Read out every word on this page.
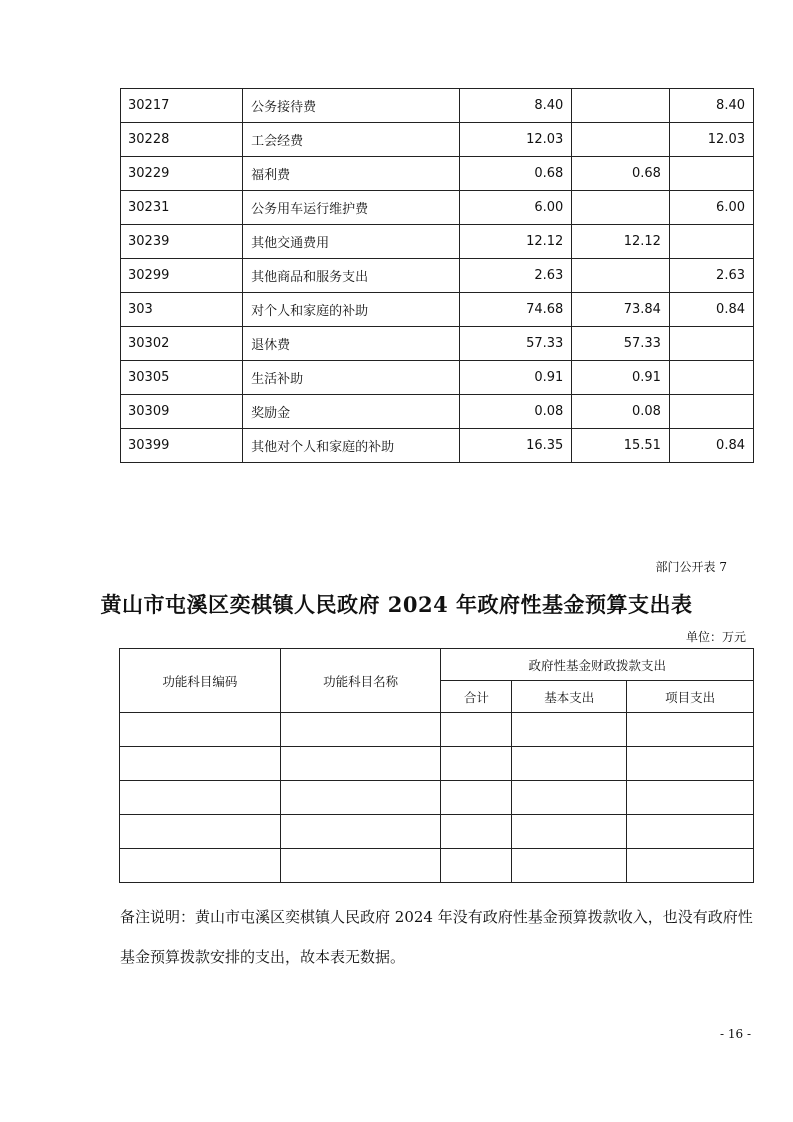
30217	公务接待费	8.40		8.40
30228	工会经费	12.03		12.03
30229	福利费	0.68	0.68	
30231	公务用车运行维护费	6.00		6.00
30239	其他交通费用	12.12	12.12	
30299	其他商品和服务支出	2.63		2.63
303	对个人和家庭的补助	74.68	73.84	0.84
30302	退休费	57.33	57.33	
30305	生活补助	0.91	0.91	
30309	奖励金	0.08	0.08	
30399	其他对个人和家庭的补助	16.35	15.51	0.84
部门公开表 7
黄山市屯溪区奕棋镇人民政府 2024 年政府性基金预算支出表
单位：万元
功能科目编码	功能科目名称	政府性基金财政拨款支出		
		合计	基本支出	项目支出

备注说明：黄山市屯溪区奕棋镇人民政府 2024 年没有政府性基金预算拨款收入，也没有政府性基金预算拨款安排的支出，故本表无数据。
- 16 -
